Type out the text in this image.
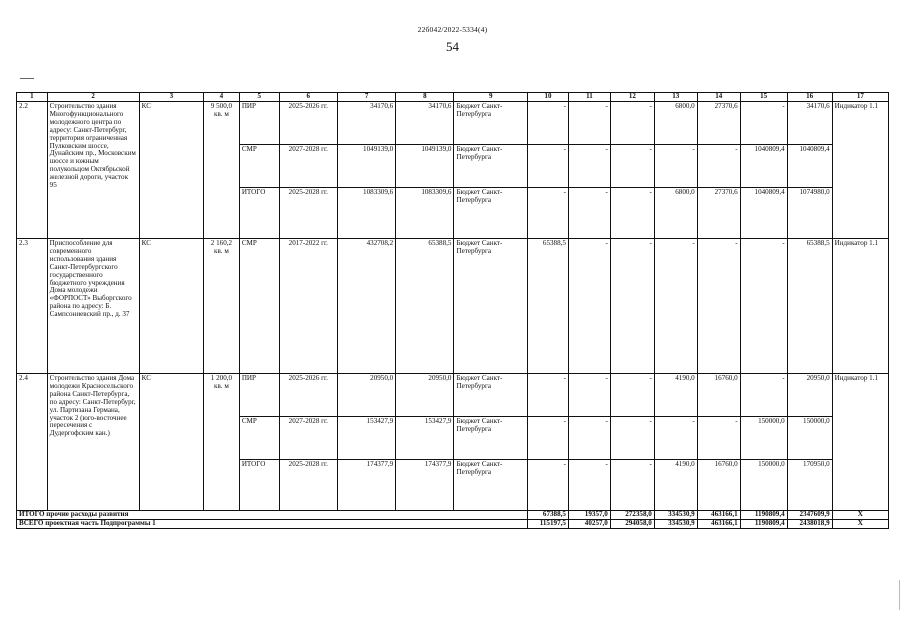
22б042/2022-5334(4)
54
1	2	3	4	5	6	7	8	9	10	11	12	13	14	15	16	17
2.2	Строительство здания Многофункционального молодежного центра по адресу: Санкт-Петербург, территория ограниченная Пулковским шоссе, Дунайским пр., Московским шоссе и южным полукольцом Октябрьской железной дороги, участок 95	КС	9 500,0 кв. м	ПИР	2025-2026 гг.	34170,6	34170,6	Бюджет Санкт-Петербурга	-	-	-	6800,0	27370,6	-	34170,6	Индикатор 1.1
				СМР	2027-2028 гг.	1049139,0	1049139,0	Бюджет Санкт-Петербурга	-	-	-	-	-	1040809,4	1040809,4	
				ИТОГО	2025-2028 гг.	1083309,6	1083309,6	Бюджет Санкт-Петербурга	-	-	-	6800,0	27370,6	1040809,4	1074980,0	
2.3	Приспособление для современного использования здания Санкт-Петербургского государственного бюджетного учреждения Дома молодежи «ФОРПОСТ» Выборгского района по адресу: Б. Сампсониевский пр., д. 37	КС	2 160,2 кв. м	СМР	2017-2022 гг.	432708,2	65388,5	Бюджет Санкт-Петербурга	65388,5	-	-	-	-	-	65388,5	Индикатор 1.1
2.4	Строительство здания Дома молодежи Красносельского района Санкт-Петербурга, по адресу: Санкт-Петербург, ул. Партизана Германа, участок 2 (юго-восточнее пересечения с Дудергофским кан.)	КС	1 200,0 кв. м	ПИР	2025-2026 гг.	20950,0	20950,0	Бюджет Санкт-Петербурга	-	-	-	4190,0	16760,0	-	20950,0	Индикатор 1.1
				СМР	2027-2028 гг.	153427,9	153427,9	Бюджет Санкт-Петербурга	-	-	-	-	-	150000,0	150000,0	
				ИТОГО	2025-2028 гг.	174377,9	174377,9	Бюджет Санкт-Петербурга	-	-	-	4190,0	16760,0	150000,0	170950,0	
ИТОГО прочие расходы развития									67388,5	19357,0	272358,0	334530,9	463166,1	1190809,4	2347609,9	X
ВСЕГО проектная часть Подпрограммы 1									115197,5	40257,0	294058,0	334530,9	463166,1	1190809,4	2438018,9	X
